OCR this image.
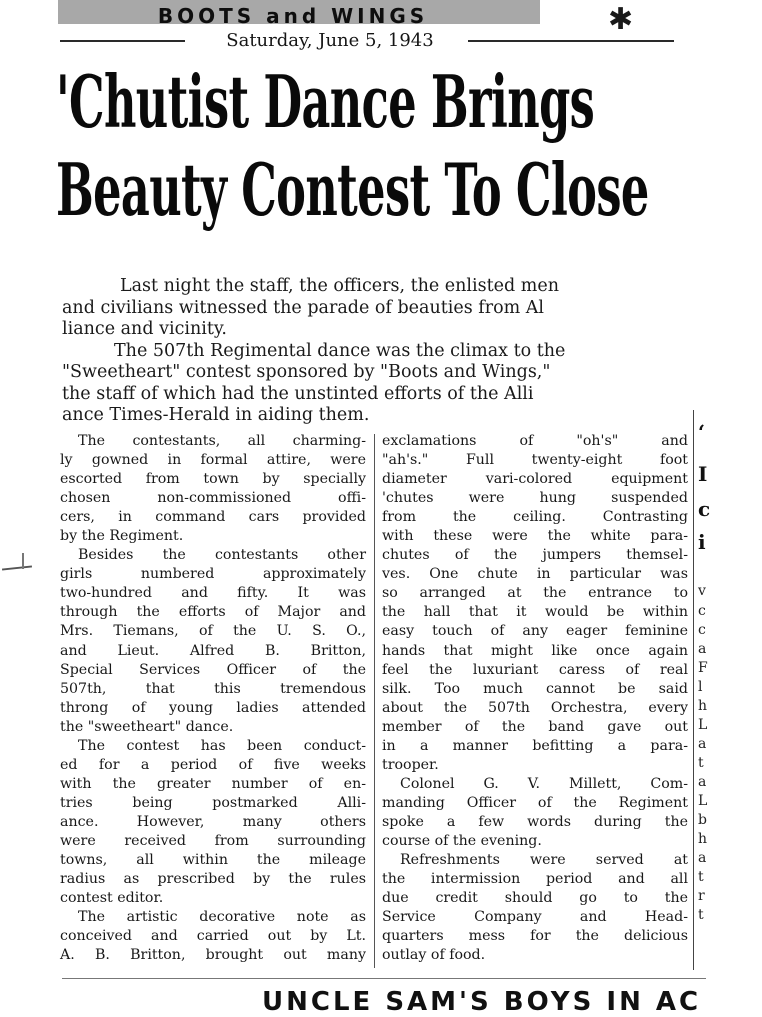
BOOTS and WINGS	✱
Saturday, June 5, 1943
'Chutist Dance Brings
Beauty Contest To Close

Last night the staff, the officers, the enlisted men

and civilians witnessed the parade of beauties from Al

liance and vicinity.

The 507th Regimental dance was the climax to the

"Sweetheart" contest sponsored by "Boots and Wings,"

the staff of which had the unstinted efforts of the Alli

ance Times-Herald in aiding them.

The contestants, all charming-
ly gowned in formal attire, were
escorted from town by specially
chosen non-commissioned offi-
cers, in command cars provided
by the Regiment.
Besides the contestants other
girls numbered approximately
two-hundred and fifty. It was
through the efforts of Major and
Mrs. Tiemans, of the U. S. O.,
and Lieut. Alfred B. Britton,
Special Services Officer of the
507th, that this tremendous
throng of young ladies attended
the "sweetheart" dance.
The contest has been conduct-
ed for a period of five weeks
with the greater number of en-
tries being postmarked Alli-
ance. However, many others
were received from surrounding
towns, all within the mileage
radius as prescribed by the rules
contest editor.
The artistic decorative note as
conceived and carried out by Lt.
A. B. Britton, brought out many
exclamations of "oh's" and
"ah's." Full twenty-eight foot
diameter vari-colored equipment
'chutes were hung suspended
from the ceiling. Contrasting
with these were the white para-
chutes of the jumpers themsel-
ves. One chute in particular was
so arranged at the entrance to
the hall that it would be within
easy touch of any eager feminine
hands that might like once again
feel the luxuriant caress of real
silk. Too much cannot be said
about the 507th Orchestra, every
member of the band gave out
in a manner befitting a para-
trooper.
Colonel G. V. Millett, Com-
manding Officer of the Regiment
spoke a few words during the
course of the evening.
Refreshments were served at
the intermission period and all
due credit should go to the
Service Company and Head-
quarters mess for the delicious
outlay of food.
‘
I
c
i
v
c
c
a
F
l
h
L
a
t
a
L
b
h
a
t
r
t
UNCLE SAM'S BOYS IN AC
